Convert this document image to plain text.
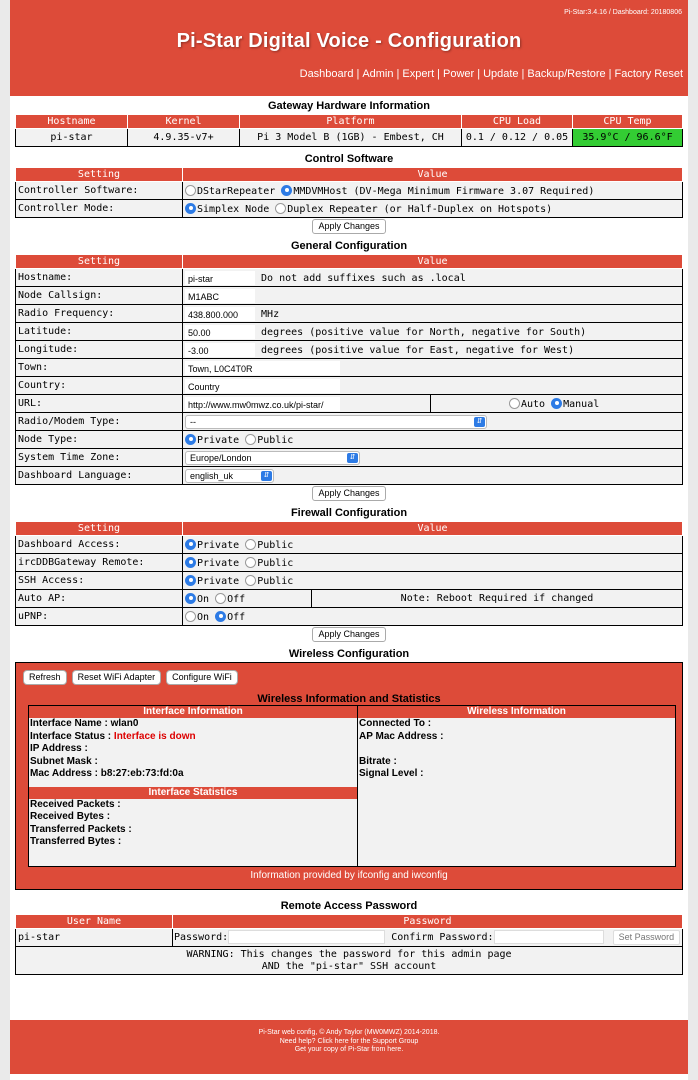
Pi-Star:3.4.16 / Dashboard: 20180806
Pi-Star Digital Voice - Configuration
Dashboard | Admin | Expert | Power | Update | Backup/Restore | Factory Reset
Gateway Hardware Information
Hostname	Kernel	Platform	CPU Load	CPU Temp
pi-star	4.9.35-v7+	Pi 3 Model B (1GB) - Embest, CH	0.1 / 0.12 / 0.05	35.9°C / 96.6°F
Control Software
Setting	Value
Controller Software:	DStarRepeater MMDVMHost (DV-Mega Minimum Firmware 3.07 Required)
Controller Mode:	Simplex Node Duplex Repeater (or Half-Duplex on Hotspots)
Apply Changes
General Configuration
Setting	Value	
Hostname:	pi-star Do not add suffixes such as .local	
Node Callsign:	M1ABC	
Radio Frequency:	438.800.000 MHz	
Latitude:	50.00 degrees (positive value for North, negative for South)	
Longitude:	-3.00 degrees (positive value for East, negative for West)	
Town:	Town, L0C4T0R	
Country:	Country	
URL:	http://www.mw0mwz.co.uk/pi-star/	Auto Manual
Radio/Modem Type:	-- ⇵	

Node Type:	Private Public	
System Time Zone:	Europe/London ⇵	

Dashboard Language:	english_uk ⇵	
Apply Changes
Firewall Configuration
Setting	Value	
Dashboard Access:	Private Public	
ircDDBGateway Remote:	Private Public	
SSH Access:	Private Public	
Auto AP:	On Off	Note: Reboot Required if changed
uPNP:	On Off	
Apply Changes
Wireless Configuration
Refresh Reset WiFi Adapter Configure WiFi
Wireless Information and Statistics
Interface Information
Interface Name : wlan0
Interface Status : Interface is down
IP Address :
Subnet Mask :
Mac Address : b8:27:eb:73:fd:0a
Interface Statistics
Received Packets :
Received Bytes :
Transferred Packets :
Transferred Bytes :
Wireless Information
Connected To :
AP Mac Address :
Bitrate :
Signal Level :
Information provided by ifconfig and iwconfig
Remote Access Password
User Name	Password
pi-star	Password: Confirm Password: Set Password

WARNING: This changes the password for this admin page
AND the "pi-star" SSH account	
Pi-Star web config, © Andy Taylor (MW0MWZ) 2014-2018.
Need help? Click here for the Support Group
Get your copy of Pi-Star from here.
